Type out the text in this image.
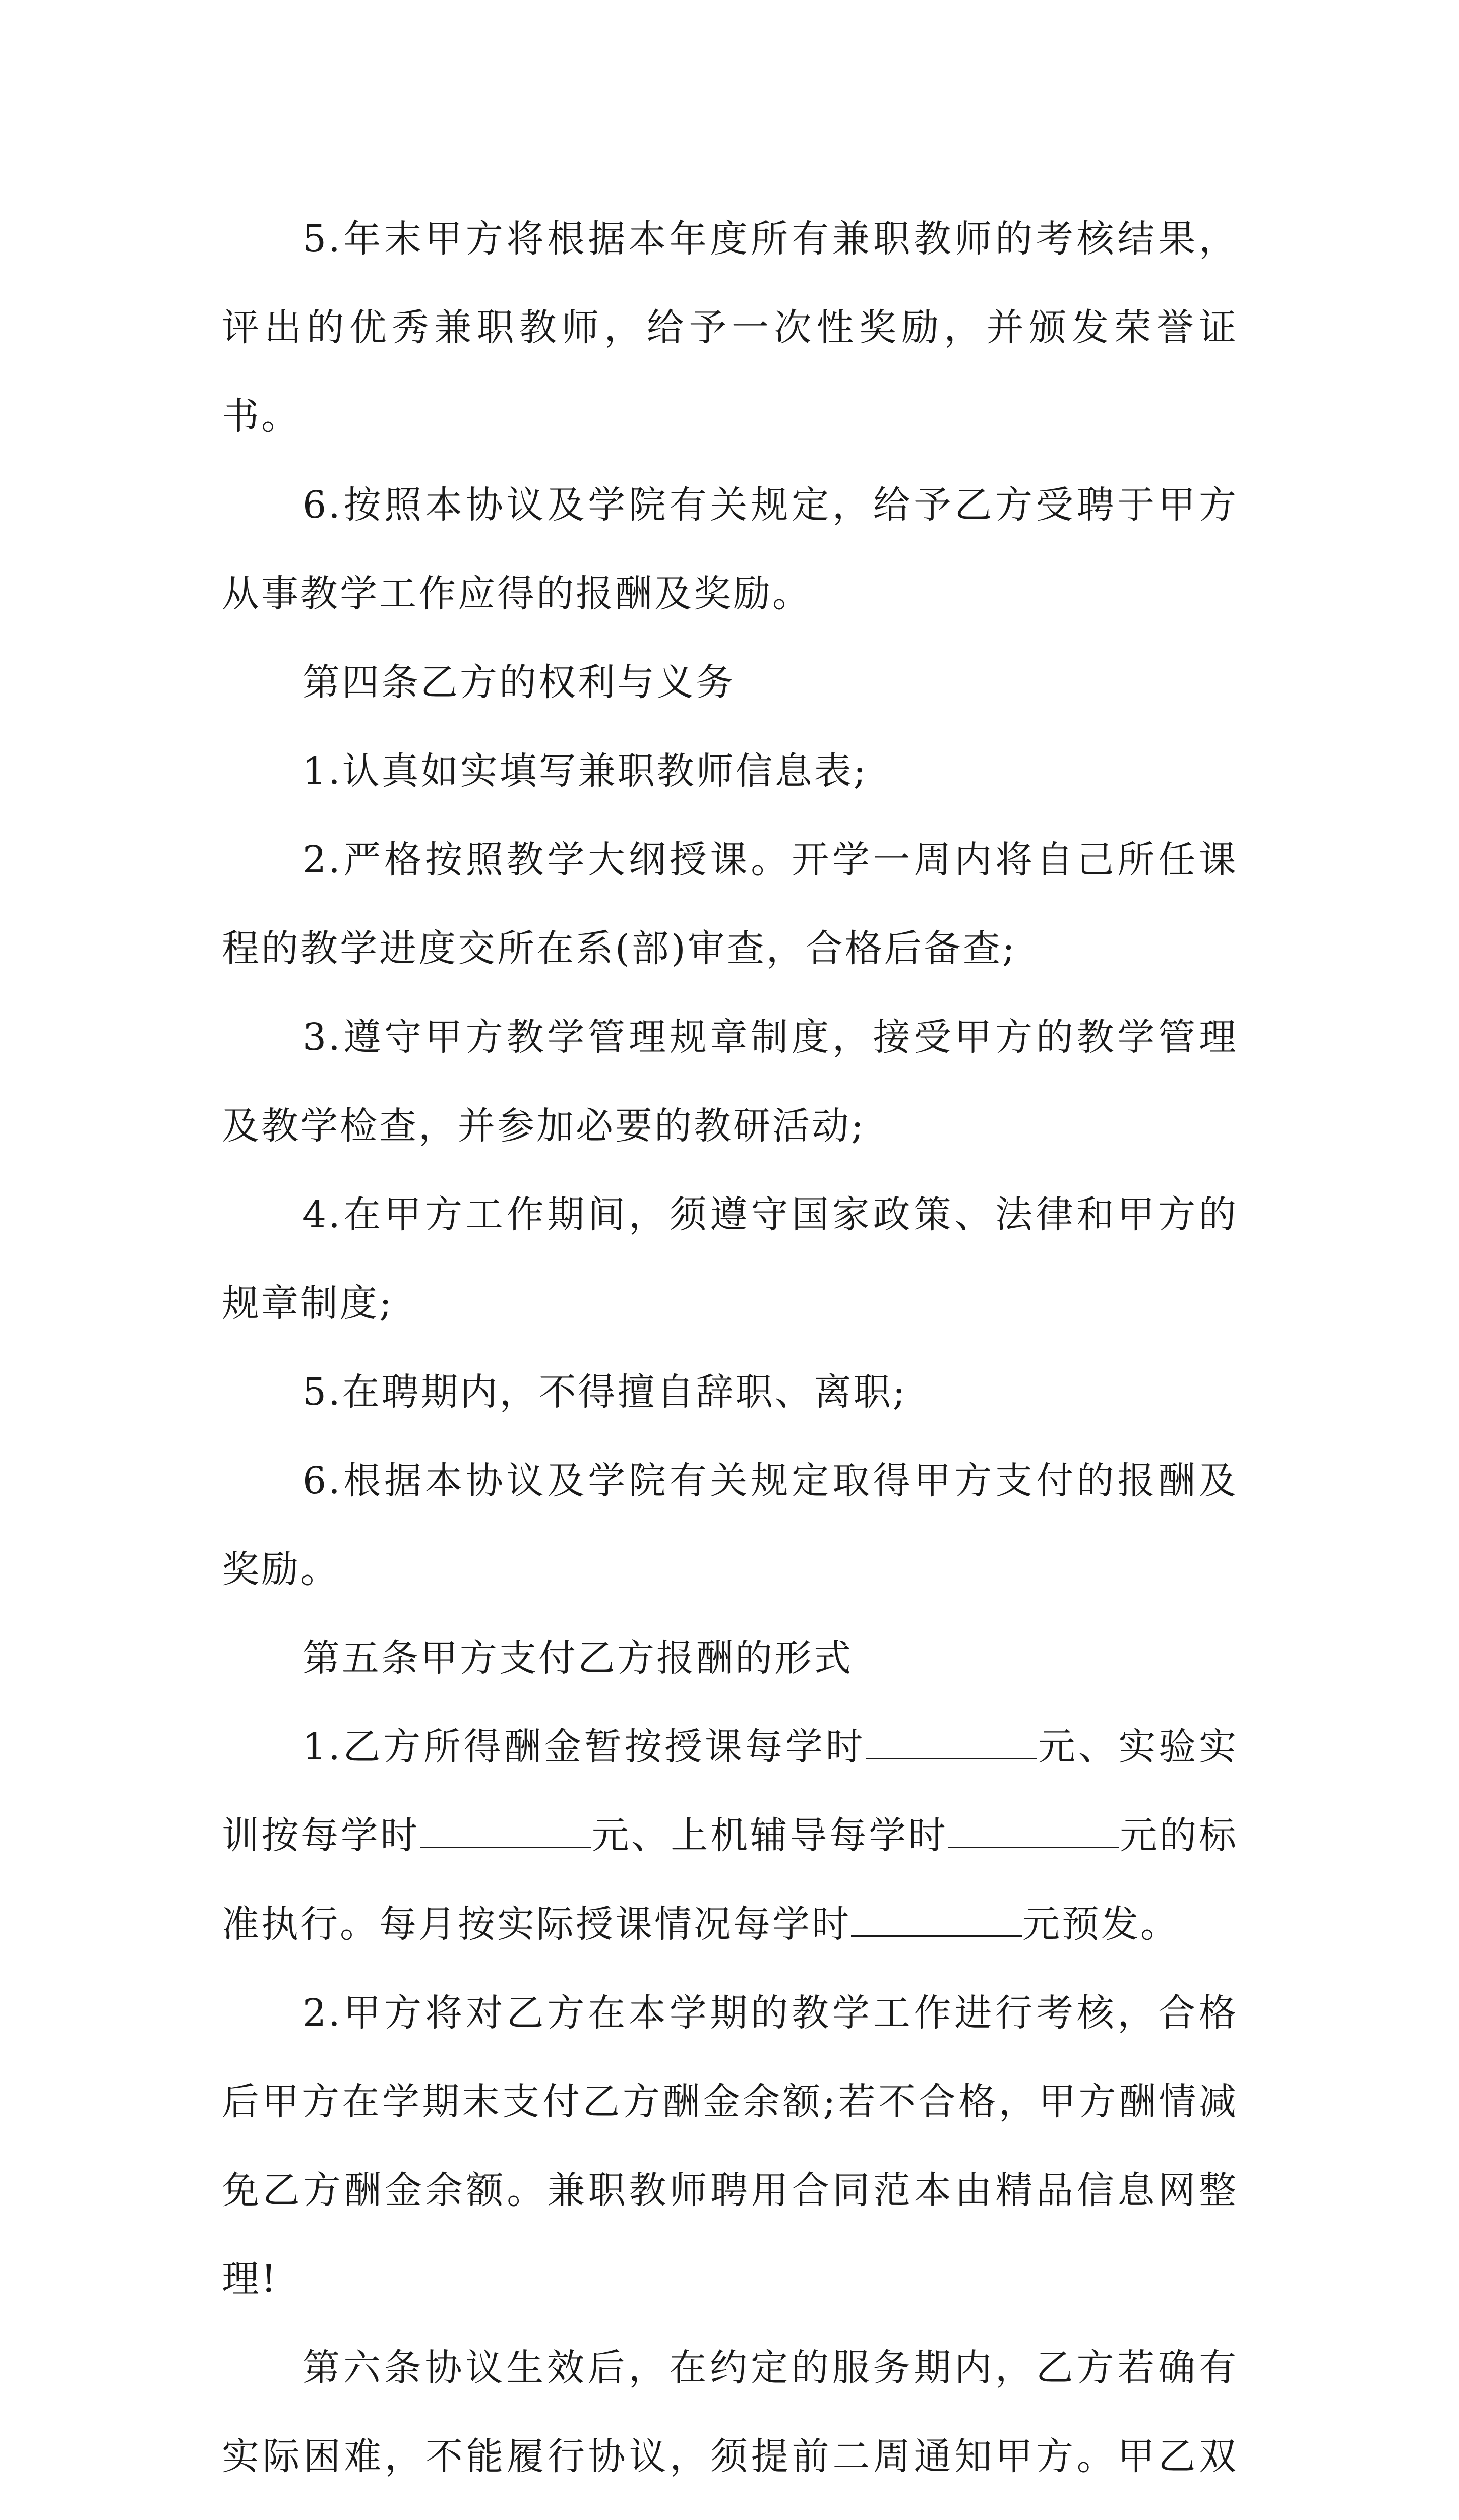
5.年末甲方将根据本年度所有兼职教师的考核结果，评出的优秀兼职教师，给予一次性奖励，并颁发荣誉证书。

6.按照本协议及学院有关规定，给予乙方受聘于甲方从事教学工作应得的报酬及奖励。

第四条乙方的权利与义务

1.认真如实填写兼职教师信息表;

2.严格按照教学大纲授课。开学一周内将自己所任课程的教学进度交所在系(部)审查，合格后备查;

3.遵守甲方教学管理规章制度，接受甲方的教学管理及教学检查，并参加必要的教研活动;

4.在甲方工作期间，须遵守国家政策、法律和甲方的规章制度;

5.在聘期内，不得擅自辞职、离职;

6.根据本协议及学院有关规定取得甲方支付的报酬及奖励。

第五条甲方支付乙方报酬的形式

1.乙方所得酬金暂按授课每学时	元、实验实训按每学时	元、上机辅导每学时	元的标准执行。每月按实际授课情况每学时	元预发。

2.甲方将对乙方在本学期的教学工作进行考核，合格后甲方在学期末支付乙方酬金余额;若不合格，甲方酬情减免乙方酬金余额。兼职教师聘用合同范本由精品信息网整理!

第六条协议生效后，在约定的服务期内，乙方若确有实际困难，不能履行协议，须提前二周通知甲方。甲乙双
